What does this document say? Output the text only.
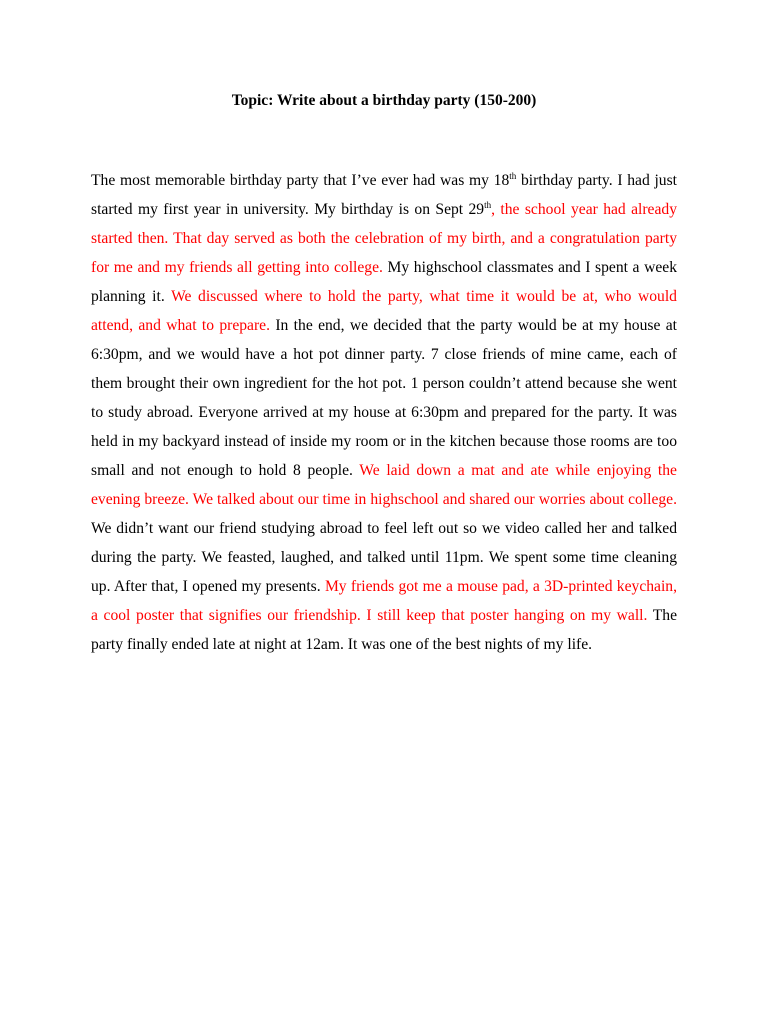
Topic: Write about a birthday party (150-200)

The most memorable birthday party that I’ve ever had was my 18th birthday party. I had just started my first year in university. My birthday is on Sept 29th, the school year had already started then. That day served as both the celebration of my birth, and a congratulation party for me and my friends all getting into college. My highschool classmates and I spent a week planning it. We discussed where to hold the party, what time it would be at, who would attend, and what to prepare. In the end, we decided that the party would be at my house at 6:30pm, and we would have a hot pot dinner party. 7 close friends of mine came, each of them brought their own ingredient for the hot pot. 1 person couldn’t attend because she went to study abroad. Everyone arrived at my house at 6:30pm and prepared for the party. It was held in my backyard instead of inside my room or in the kitchen because those rooms are too small and not enough to hold 8 people. We laid down a mat and ate while enjoying the evening breeze. We talked about our time in highschool and shared our worries about college. We didn’t want our friend studying abroad to feel left out so we video called her and talked during the party. We feasted, laughed, and talked until 11pm. We spent some time cleaning up. After that, I opened my presents. My friends got me a mouse pad, a 3D-printed keychain, a cool poster that signifies our friendship. I still keep that poster hanging on my wall. The party finally ended late at night at 12am. It was one of the best nights of my life.
